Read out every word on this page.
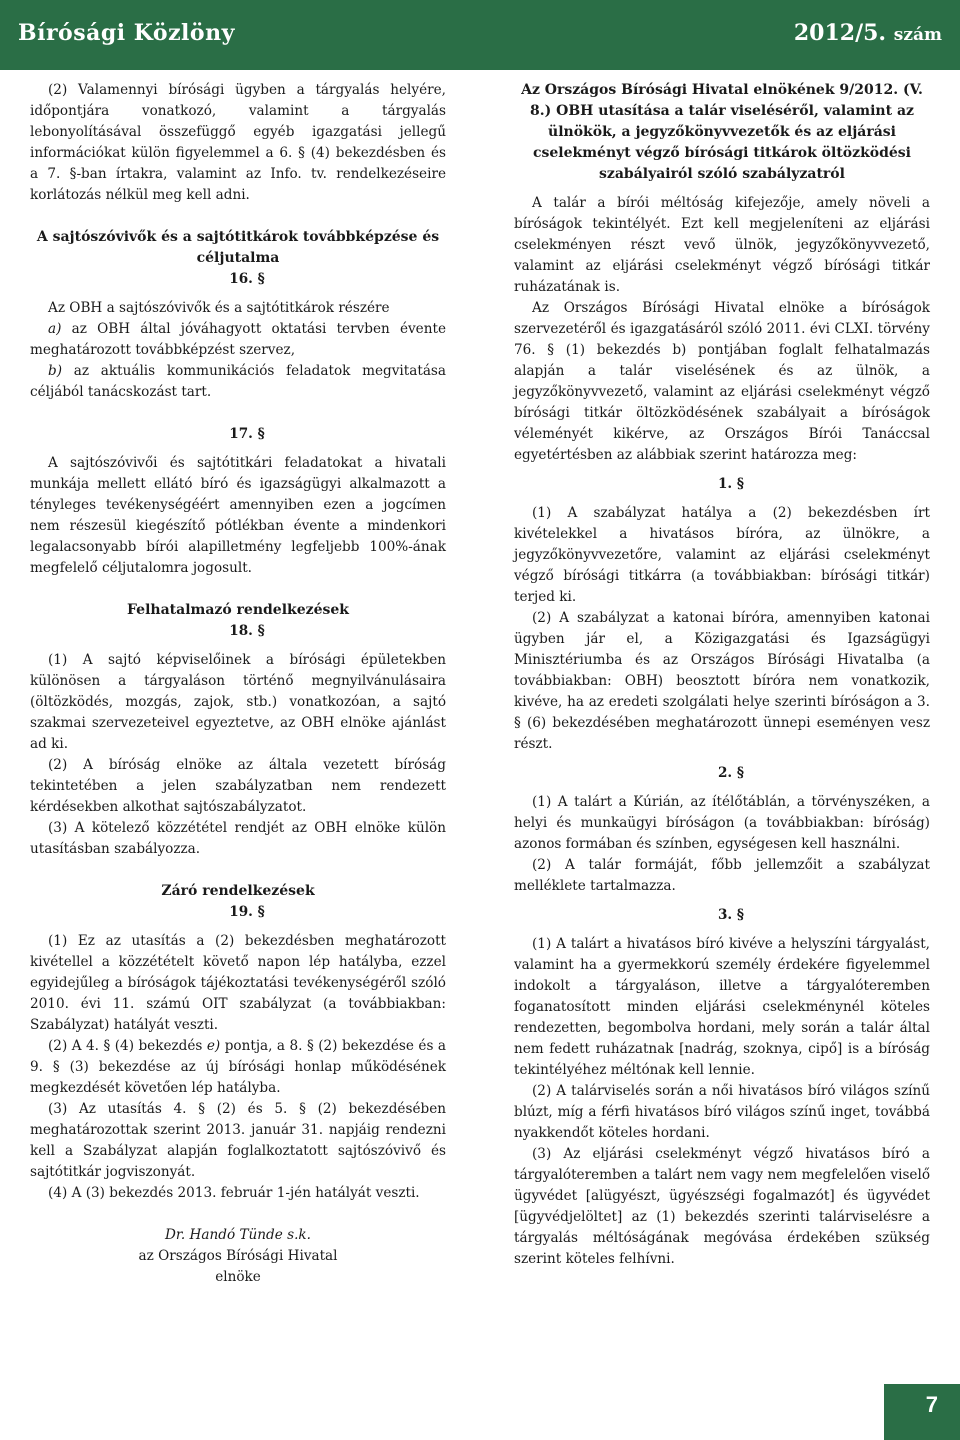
Bírósági Közlöny	2012/5. szám

(2) Valamennyi bírósági ügyben a tárgyalás helyére, időpontjára vonatkozó, valamint a tárgyalás lebonyolításával összefüggő egyéb igazgatási jellegű információkat külön figyelemmel a 6. § (4) bekezdésben és a 7. §-ban írtakra, valamint az Info. tv. rendelkezéseire korlátozás nélkül meg kell adni.

A sajtószóvivők és a sajtótitkárok továbbképzése és céljutalma

16. §

Az OBH a sajtószóvivők és a sajtótitkárok részére

a) az OBH által jóváhagyott oktatási tervben évente meghatározott továbbképzést szervez,

b) az aktuális kommunikációs feladatok megvitatása céljából tanácskozást tart.

17. §

A sajtószóvivői és sajtótitkári feladatokat a hivatali munkája mellett ellátó bíró és igazságügyi alkalmazott a tényleges tevékenységéért amennyiben ezen a jogcímen nem részesül kiegészítő pótlékban évente a mindenkori legalacsonyabb bírói alapilletmény legfeljebb 100%-ának megfelelő céljutalomra jogosult.

Felhatalmazó rendelkezések

18. §

(1) A sajtó képviselőinek a bírósági épületekben különösen a tárgyaláson történő megnyilvánulásaira (öltözködés, mozgás, zajok, stb.) vonatkozóan, a sajtó szakmai szervezeteivel egyeztetve, az OBH elnöke ajánlást ad ki.

(2) A bíróság elnöke az általa vezetett bíróság tekintetében a jelen szabályzatban nem rendezett kérdésekben alkothat sajtószabályzatot.

(3) A kötelező közzététel rendjét az OBH elnöke külön utasításban szabályozza.

Záró rendelkezések

19. §

(1) Ez az utasítás a (2) bekezdésben meghatározott kivétellel a közzétételt követő napon lép hatályba, ezzel egyidejűleg a bíróságok tájékoztatási tevékenységéről szóló 2010. évi 11. számú OIT szabályzat (a továbbiakban: Szabályzat) hatályát veszti.

(2) A 4. § (4) bekezdés e) pontja, a 8. § (2) bekezdése és a 9. § (3) bekezdése az új bírósági honlap működésének megkezdését követően lép hatályba.

(3) Az utasítás 4. § (2) és 5. § (2) bekezdésében meghatározottak szerint 2013. január 31. napjáig rendezni kell a Szabályzat alapján foglalkoztatott sajtószóvivő és sajtótitkár jogviszonyát.

(4) A (3) bekezdés 2013. február 1-jén hatályát veszti.

Dr. Handó Tünde s.k.
az Országos Bírósági Hivatal
elnöke
Az Országos Bírósági Hivatal elnökének 9/2012. (V. 8.) OBH utasítása a talár viseléséről, valamint az ülnökök, a jegyzőkönyvvezetők és az eljárási cselekményt végző bírósági titkárok öltözködési szabályairól szóló szabályzatról

A talár a bírói méltóság kifejezője, amely növeli a bíróságok tekintélyét. Ezt kell megjeleníteni az eljárási cselekményen részt vevő ülnök, jegyzőkönyvvezető, valamint az eljárási cselekményt végző bírósági titkár ruházatának is.

Az Országos Bírósági Hivatal elnöke a bíróságok szervezetéről és igazgatásáról szóló 2011. évi CLXI. törvény 76. § (1) bekezdés b) pontjában foglalt felhatalmazás alapján a talár viselésének és az ülnök, a jegyzőkönyvvezető, valamint az eljárási cselekményt végző bírósági titkár öltözködésének szabályait a bíróságok véleményét kikérve, az Országos Bírói Tanáccsal egyetértésben az alábbiak szerint határozza meg:

1. §

(1) A szabályzat hatálya a (2) bekezdésben írt kivételekkel a hivatásos bíróra, az ülnökre, a jegyzőkönyvvezetőre, valamint az eljárási cselekményt végző bírósági titkárra (a továbbiakban: bírósági titkár) terjed ki.

(2) A szabályzat a katonai bíróra, amennyiben katonai ügyben jár el, a Közigazgatási és Igazságügyi Minisztériumba és az Országos Bírósági Hivatalba (a továbbiakban: OBH) beosztott bíróra nem vonatkozik, kivéve, ha az eredeti szolgálati helye szerinti bíróságon a 3. § (6) bekezdésében meghatározott ünnepi eseményen vesz részt.

2. §

(1) A talárt a Kúrián, az ítélőtáblán, a törvényszéken, a helyi és munkaügyi bíróságon (a továbbiakban: bíróság) azonos formában és színben, egységesen kell használni.

(2) A talár formáját, főbb jellemzőit a szabályzat melléklete tartalmazza.

3. §

(1) A talárt a hivatásos bíró kivéve a helyszíni tárgyalást, valamint ha a gyermekkorú személy érdekére figyelemmel indokolt a tárgyaláson, illetve a tárgyalóteremben foganatosított minden eljárási cselekménynél köteles rendezetten, begombolva hordani, mely során a talár által nem fedett ruházatnak [nadrág, szoknya, cipő] is a bíróság tekintélyéhez méltónak kell lennie.

(2) A talárviselés során a női hivatásos bíró világos színű blúzt, míg a férfi hivatásos bíró világos színű inget, továbbá nyakkendőt köteles hordani.

(3) Az eljárási cselekményt végző hivatásos bíró a tárgyalóteremben a talárt nem vagy nem megfelelően viselő ügyvédet [alügyészt, ügyészségi fogalmazót] és ügyvédet [ügyvédjelöltet] az (1) bekezdés szerinti talárviselésre a tárgyalás méltóságának megóvása érdekében szükség szerint köteles felhívni.

7
